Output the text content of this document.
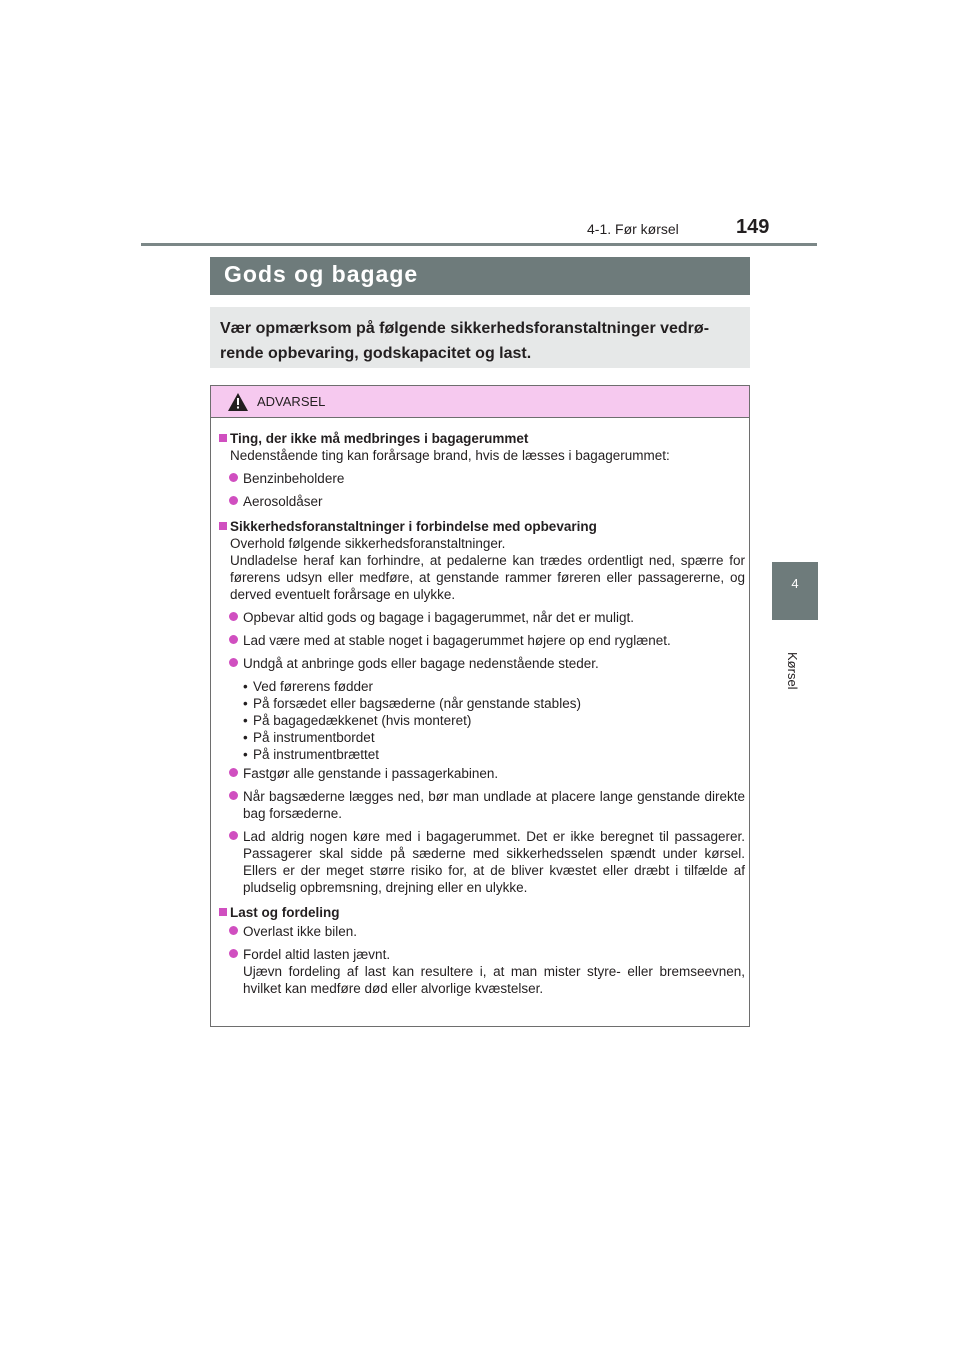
4-1. Før kørsel	149
4
Kørsel
Gods og bagage
Vær opmærksom på følgende sikkerhedsforanstaltninger vedrørende opbevaring, godskapacitet og last.
ADVARSEL
Ting, der ikke må medbringes i bagagerummet
Nedenstående ting kan forårsage brand, hvis de læsses i bagagerummet:
Benzinbeholdere
Aerosoldåser
Sikkerhedsforanstaltninger i forbindelse med opbevaring
Overhold følgende sikkerhedsforanstaltninger.
Undladelse heraf kan forhindre, at pedalerne kan trædes ordentligt ned, spærre for førerens udsyn eller medføre, at genstande rammer føreren eller passagererne, og derved eventuelt forårsage en ulykke.
Opbevar altid gods og bagage i bagagerummet, når det er muligt.
Lad være med at stable noget i bagagerummet højere op end ryglænet.
Undgå at anbringe gods eller bagage nedenstående steder.
• Ved førerens fødder
• På forsædet eller bagsæderne (når genstande stables)
• På bagagedækkenet (hvis monteret)
• På instrumentbordet
• På instrumentbrættet
Fastgør alle genstande i passagerkabinen.
Når bagsæderne lægges ned, bør man undlade at placere lange genstande direkte bag forsæderne.
Lad aldrig nogen køre med i bagagerummet. Det er ikke beregnet til passagerer. Passagerer skal sidde på sæderne med sikkerhedsselen spændt under kørsel. Ellers er der meget større risiko for, at de bliver kvæstet eller dræbt i tilfælde af pludselig opbremsning, drejning eller en ulykke.
Last og fordeling
Overlast ikke bilen.
Fordel altid lasten jævnt.
Ujævn fordeling af last kan resultere i, at man mister styre- eller bremseevnen, hvilket kan medføre død eller alvorlige kvæstelser.
